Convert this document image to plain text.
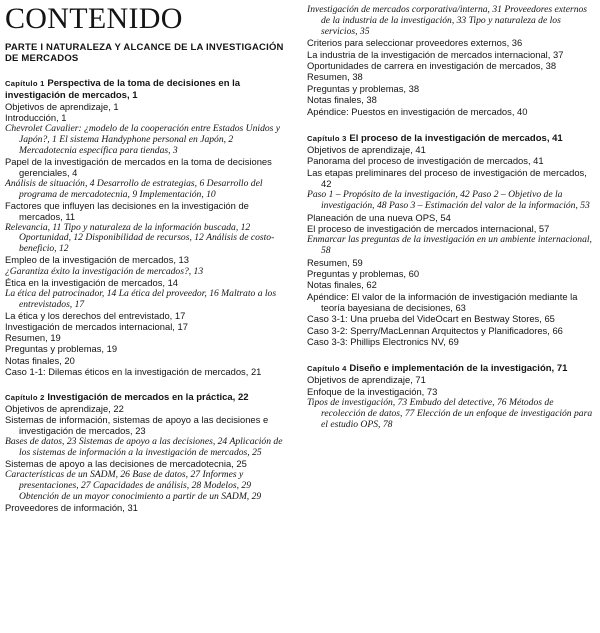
CONTENIDO
PARTE I NATURALEZA Y ALCANCE DE LA INVESTIGACIÓN DE MERCADOS
Capítulo 1 Perspectiva de la toma de decisiones en la investigación de mercados, 1
Objetivos de aprendizaje, 1
Introducción, 1
Chevrolet Cavalier: ¿modelo de la cooperación entre Estados Unidos y Japón?, 1 El sistema Handyphone personal en Japón, 2 Mercadotecnia específica para tiendas, 3
Papel de la investigación de mercados en la toma de decisiones gerenciales, 4
Análisis de situación, 4 Desarrollo de estrategias, 6 Desarrollo del programa de mercadotecnia, 9 Implementación, 10
Factores que influyen las decisiones en la investigación de mercados, 11
Relevancia, 11 Tipo y naturaleza de la información buscada, 12 Oportunidad, 12 Disponibilidad de recursos, 12 Análisis de costo-beneficio, 12
Empleo de la investigación de mercados, 13
¿Garantiza éxito la investigación de mercados?, 13
Ética en la investigación de mercados, 14
La ética del patrocinador, 14 La ética del proveedor, 16 Maltrato a los entrevistados, 17
La ética y los derechos del entrevistado, 17
Investigación de mercados internacional, 17
Resumen, 19
Preguntas y problemas, 19
Notas finales, 20
Caso 1-1: Dilemas éticos en la investigación de mercados, 21
Capítulo 2 Investigación de mercados en la práctica, 22
Objetivos de aprendizaje, 22
Sistemas de información, sistemas de apoyo a las decisiones e investigación de mercados, 23
Bases de datos, 23 Sistemas de apoyo a las decisiones, 24 Aplicación de los sistemas de información a la investigación de mercados, 25
Sistemas de apoyo a las decisiones de mercadotecnia, 25
Características de un SADM, 26 Base de datos, 27 Informes y presentaciones, 27 Capacidades de análisis, 28 Modelos, 29 Obtención de un mayor conocimiento a partir de un SADM, 29
Proveedores de información, 31
Investigación de mercados corporativa/interna, 31 Proveedores externos de la industria de la investigación, 33 Tipo y naturaleza de los servicios, 35
Criterios para seleccionar proveedores externos, 36
La industria de la investigación de mercados internacional, 37
Oportunidades de carrera en investigación de mercados, 38
Resumen, 38
Preguntas y problemas, 38
Notas finales, 38
Apéndice: Puestos en investigación de mercados, 40
Capítulo 3 El proceso de la investigación de mercados, 41
Objetivos de aprendizaje, 41
Panorama del proceso de investigación de mercados, 41
Las etapas preliminares del proceso de investigación de mercados, 42
Paso 1 – Propósito de la investigación, 42 Paso 2 – Objetivo de la investigación, 48 Paso 3 – Estimación del valor de la información, 53
Planeación de una nueva OPS, 54
El proceso de investigación de mercados internacional, 57
Enmarcar las preguntas de la investigación en un ambiente internacional, 58
Resumen, 59
Preguntas y problemas, 60
Notas finales, 62
Apéndice: El valor de la información de investigación mediante la teoría bayesiana de decisiones, 63
Caso 3-1: Una prueba del VideOcart en Bestway Stores, 65
Caso 3-2: Sperry/MacLennan Arquitectos y Planificadores, 66
Caso 3-3: Phillips Electronics NV, 69
Capítulo 4 Diseño e implementación de la investigación, 71
Objetivos de aprendizaje, 71
Enfoque de la investigación, 73
Tipos de investigación, 73 Embudo del detective, 76 Métodos de recolección de datos, 77 Elección de un enfoque de investigación para el estudio OPS, 78
